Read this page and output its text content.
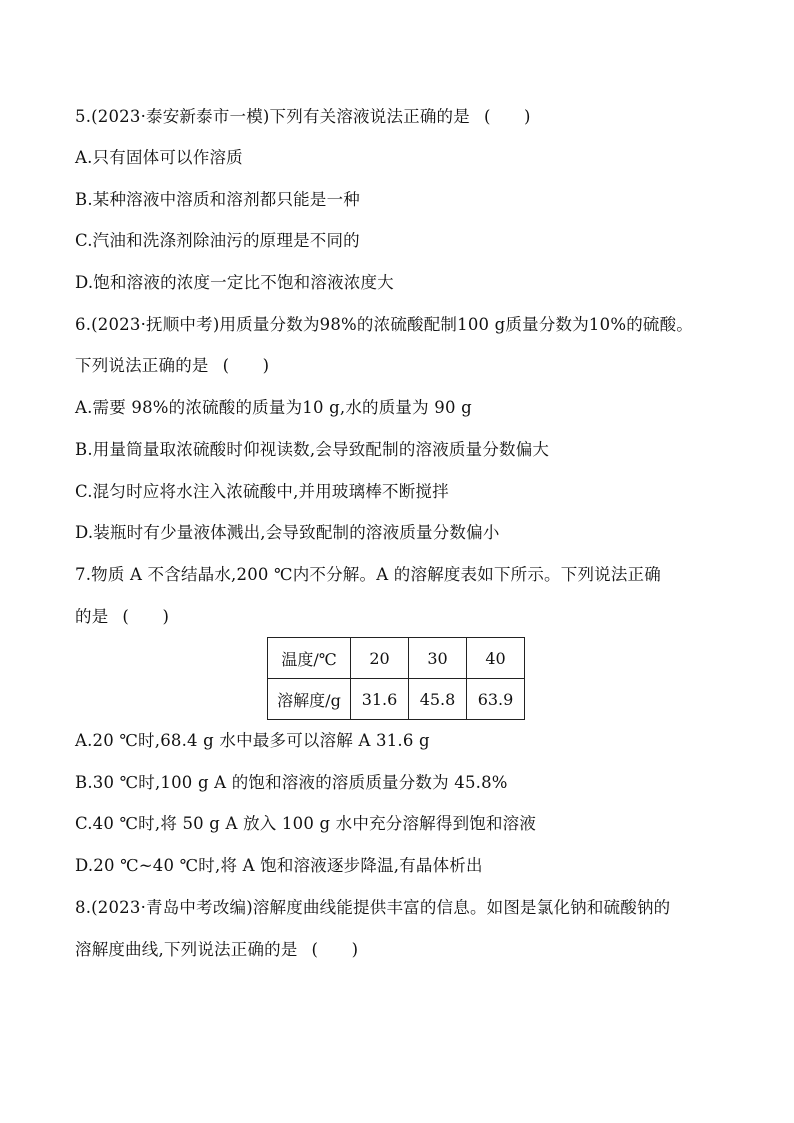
5.(2023·泰安新泰市一模)下列有关溶液说法正确的是 (　　)
A.只有固体可以作溶质
B.某种溶液中溶质和溶剂都只能是一种
C.汽油和洗涤剂除油污的原理是不同的
D.饱和溶液的浓度一定比不饱和溶液浓度大
6.(2023·抚顺中考)用质量分数为98%的浓硫酸配制100 g质量分数为10%的硫酸。
下列说法正确的是 (　　)
A.需要 98%的浓硫酸的质量为10 g,水的质量为 90 g
B.用量筒量取浓硫酸时仰视读数,会导致配制的溶液质量分数偏大
C.混匀时应将水注入浓硫酸中,并用玻璃棒不断搅拌
D.装瓶时有少量液体溅出,会导致配制的溶液质量分数偏小
7.物质 A 不含结晶水,200 ℃内不分解。A 的溶解度表如下所示。下列说法正确
的是 (　　)
温度/℃	20	30	40
溶解度/g	31.6	45.8	63.9
A.20 ℃时,68.4 g 水中最多可以溶解 A 31.6 g
B.30 ℃时,100 g A 的饱和溶液的溶质质量分数为 45.8%
C.40 ℃时,将 50 g A 放入 100 g 水中充分溶解得到饱和溶液
D.20 ℃~40 ℃时,将 A 饱和溶液逐步降温,有晶体析出
8.(2023·青岛中考改编)溶解度曲线能提供丰富的信息。如图是氯化钠和硫酸钠的
溶解度曲线,下列说法正确的是 (　　)
